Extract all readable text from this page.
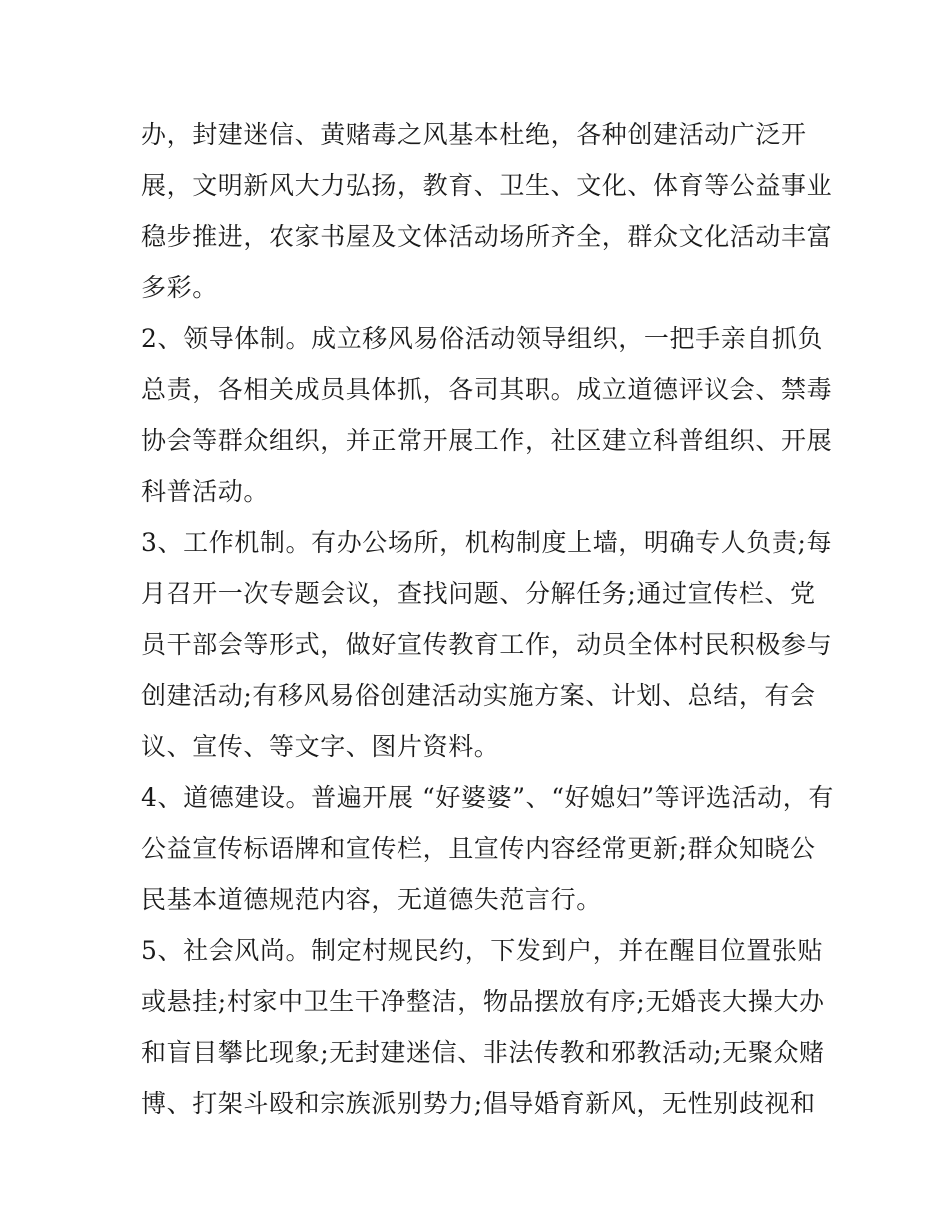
办，封建迷信、黄赌毒之风基本杜绝，各种创建活动广泛开
展，文明新风大力弘扬，教育、卫生、文化、体育等公益事业
稳步推进，农家书屋及文体活动场所齐全，群众文化活动丰富
多彩。
2、领导体制。成立移风易俗活动领导组织，一把手亲自抓负
总责，各相关成员具体抓，各司其职。成立道德评议会、禁毒
协会等群众组织，并正常开展工作，社区建立科普组织、开展
科普活动。
3、工作机制。有办公场所，机构制度上墙，明确专人负责;每
月召开一次专题会议，查找问题、分解任务;通过宣传栏、党
员干部会等形式，做好宣传教育工作，动员全体村民积极参与
创建活动;有移风易俗创建活动实施方案、计划、总结，有会
议、宣传、等文字、图片资料。
4、道德建设。普遍开展 “好婆婆”、“好媳妇”等评选活动，有
公益宣传标语牌和宣传栏，且宣传内容经常更新;群众知晓公
民基本道德规范内容，无道德失范言行。
5、社会风尚。制定村规民约，下发到户，并在醒目位置张贴
或悬挂;村家中卫生干净整洁，物品摆放有序;无婚丧大操大办
和盲目攀比现象;无封建迷信、非法传教和邪教活动;无聚众赌
博、打架斗殴和宗族派别势力;倡导婚育新风，无性别歧视和
